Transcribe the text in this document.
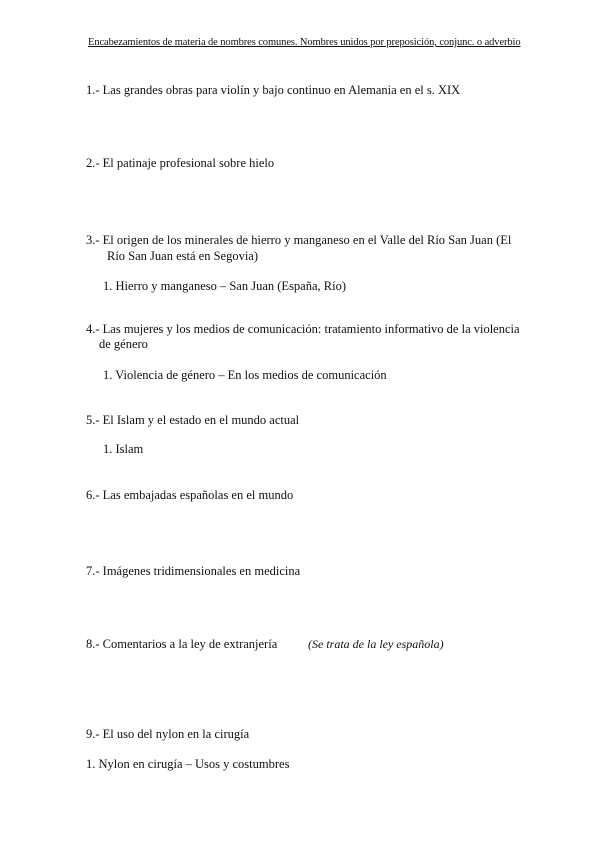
Encabezamientos de materia de nombres comunes. Nombres unidos por preposición, conjunc. o adverbio
1.- Las grandes obras para violín y bajo continuo en Alemania en el s. XIX
2.- El patinaje profesional sobre hielo
3.- El origen de los minerales de hierro y manganeso en el Valle del Río San Juan (El
Río San Juan está en Segovia)
1. Hierro y manganeso – San Juan (España, Río)
4.- Las mujeres y los medios de comunicación: tratamiento informativo de la violencia
de género
1. Violencia de género – En los medios de comunicación
5.- El Islam y el estado en el mundo actual
1. Islam
6.- Las embajadas españolas en el mundo
7.- Imágenes tridimensionales en medicina
8.- Comentarios a la ley de extranjería	(Se trata de la ley española)
9.- El uso del nylon en la cirugía
1. Nylon en cirugía – Usos y costumbres
